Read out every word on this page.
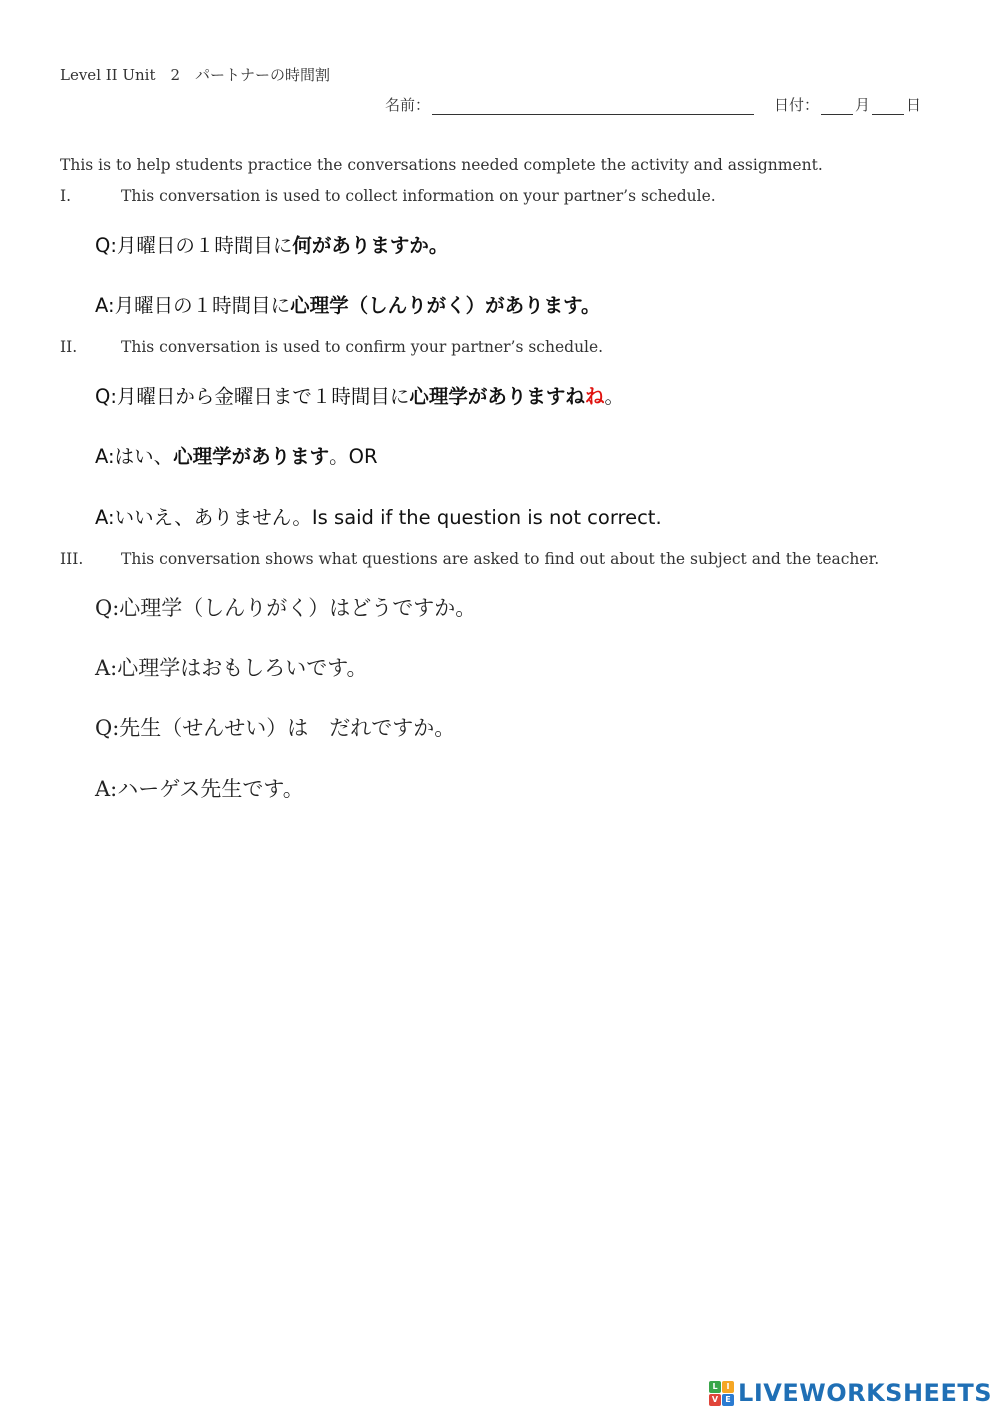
Level II Unit　2　パートナーの時間割
名前：	日付： 月 日
This is to help students practice the conversations needed complete the activity and assignment.
I.	This conversation is used to collect information on your partner’s schedule.
Q:月曜日の１時間目に何がありますか。
A:月曜日の１時間目に心理学（しんりがく）があります。
II.	This conversation is used to confirm your partner’s schedule.
Q:月曜日から金曜日まで１時間目に心理学がありますねね。
A:はい、心理学があります。OR
A:いいえ、ありません。Is said if the question is not correct.
III. This conversation shows what questions are asked to find out about the subject and the teacher.
Q:心理学（しんりがく）はどうですか。
A:心理学はおもしろいです。
Q:先生（せんせい）は　だれですか。
A:ハーゲス先生です。
L	I
V E LIVEWORKSHEETS
